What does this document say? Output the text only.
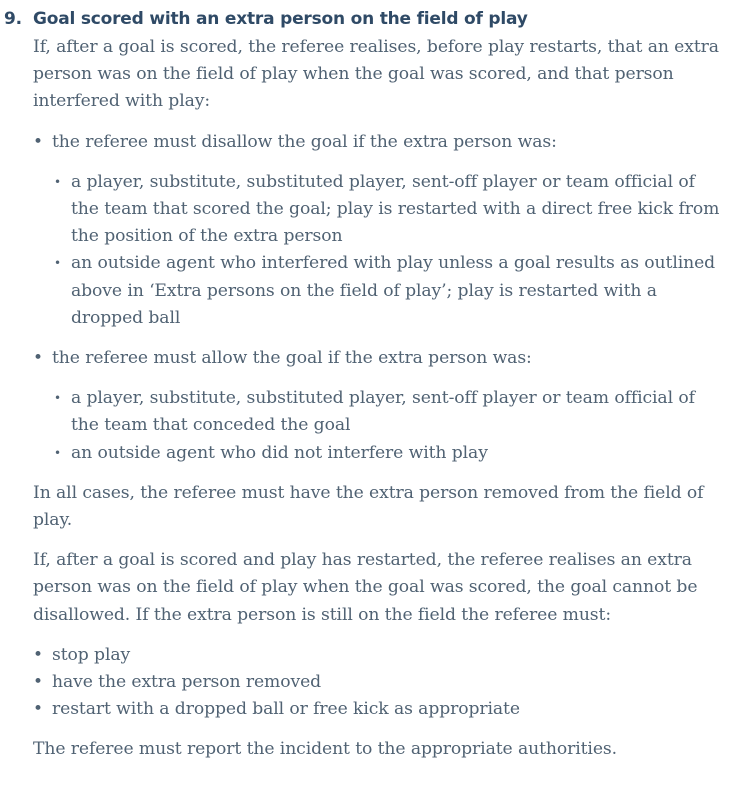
9. Goal scored with an extra person on the field of play

If, after a goal is scored, the referee realises, before play restarts, that an extra person was on the field of play when the goal was scored, and that person interfered with play:

• the referee must disallow the goal if the extra person was:
• a player, substitute, substituted player, sent-off player or team official of the team that scored the goal; play is restarted with a direct free kick from the position of the extra person
• an outside agent who interfered with play unless a goal results as outlined above in ‘Extra persons on the field of play’; play is restarted with a dropped ball
• the referee must allow the goal if the extra person was:
• a player, substitute, substituted player, sent-off player or team official of the team that conceded the goal
• an outside agent who did not interfere with play

In all cases, the referee must have the extra person removed from the field of play.

If, after a goal is scored and play has restarted, the referee realises an extra person was on the field of play when the goal was scored, the goal cannot be disallowed. If the extra person is still on the field the referee must:

• stop play
• have the extra person removed
• restart with a dropped ball or free kick as appropriate

The referee must report the incident to the appropriate authorities.
